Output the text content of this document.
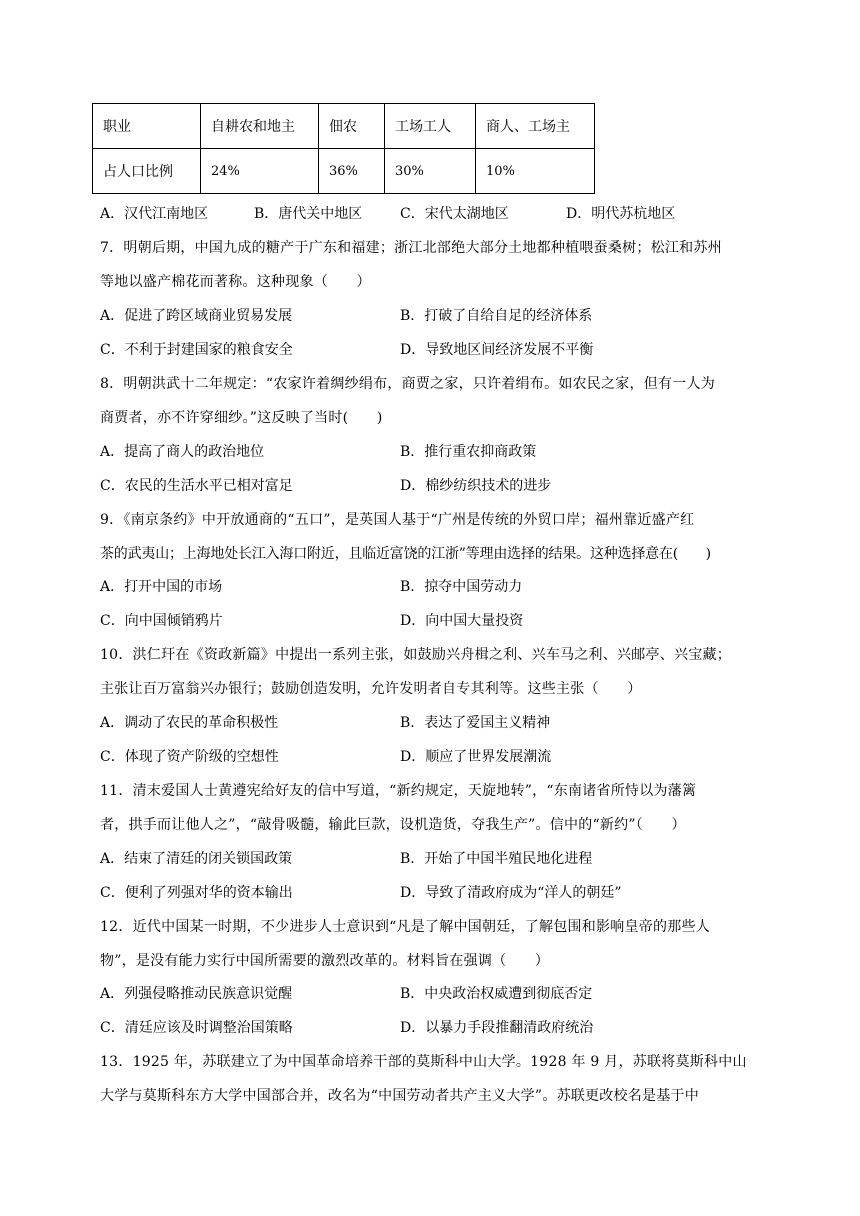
职业	自耕农和地主	佃农	工场工人	商人、工场主
占人口比例	24%	36%	30%	10%
A．汉代江南地区	B．唐代关中地区	C．宋代太湖地区	D．明代苏杭地区
7．明朝后期，中国九成的糖产于广东和福建；浙江北部绝大部分土地都种植喂蚕桑树；松江和苏州
等地以盛产棉花而著称。这种现象（　　）
A．促进了跨区域商业贸易发展	B．打破了自给自足的经济体系
C．不利于封建国家的粮食安全	D．导致地区间经济发展不平衡
8．明朝洪武十二年规定：“农家许着绸纱绢布，商贾之家，只许着绢布。如农民之家，但有一人为
商贾者，亦不许穿细纱。”这反映了当时(　　)
A．提高了商人的政治地位	B．推行重农抑商政策
C．农民的生活水平已相对富足	D．棉纱纺织技术的进步
9．《南京条约》中开放通商的“五口”，是英国人基于“广州是传统的外贸口岸；福州靠近盛产红
茶的武夷山；上海地处长江入海口附近，且临近富饶的江浙”等理由选择的结果。这种选择意在(　　)
A．打开中国的市场	B．掠夺中国劳动力
C．向中国倾销鸦片	D．向中国大量投资
10．洪仁玕在《资政新篇》中提出一系列主张，如鼓励兴舟楫之利、兴车马之利、兴邮亭、兴宝藏；
主张让百万富翁兴办银行；鼓励创造发明，允许发明者自专其利等。这些主张（　　）
A．调动了农民的革命积极性	B．表达了爱国主义精神
C．体现了资产阶级的空想性	D．顺应了世界发展潮流
11．清末爱国人士黄遵宪给好友的信中写道，“新约规定，天旋地转”，“东南诸省所恃以为藩篱
者，拱手而让他人之”，“敲骨吸髓，输此巨款，设机造货，夺我生产”。信中的“新约”（　　）
A．结束了清廷的闭关锁国政策	B．开始了中国半殖民地化进程
C．便利了列强对华的资本输出	D．导致了清政府成为“洋人的朝廷”
12．近代中国某一时期，不少进步人士意识到“凡是了解中国朝廷，了解包围和影响皇帝的那些人
物”，是没有能力实行中国所需要的激烈改革的。材料旨在强调（　　）
A．列强侵略推动民族意识觉醒	B．中央政治权威遭到彻底否定
C．清廷应该及时调整治国策略	D．以暴力手段推翻清政府统治
13．1925 年，苏联建立了为中国革命培养干部的莫斯科中山大学。1928 年 9 月，苏联将莫斯科中山
大学与莫斯科东方大学中国部合并，改名为“中国劳动者共产主义大学”。苏联更改校名是基于中
